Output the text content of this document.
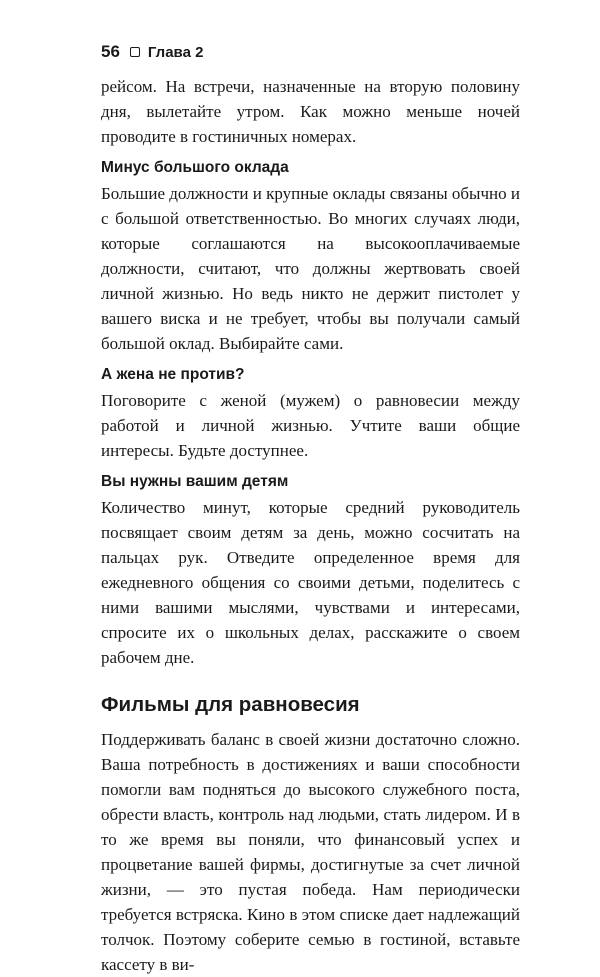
56 Глава 2

рейсом. На встречи, назначенные на вторую половину дня, вылетайте утром. Как можно меньше ночей проводите в гостиничных номерах.

Минус большого оклада

Большие должности и крупные оклады связаны обычно и с большой ответственностью. Во многих случаях люди, которые соглашаются на высокооплачиваемые должности, считают, что должны жертвовать своей личной жизнью. Но ведь никто не держит пистолет у вашего виска и не требует, чтобы вы получали самый большой оклад. Выбирайте сами.

А жена не против?

Поговорите с женой (мужем) о равновесии между работой и личной жизнью. Учтите ваши общие интересы. Будьте доступнее.

Вы нужны вашим детям

Количество минут, которые средний руководитель посвящает своим детям за день, можно сосчитать на пальцах рук. Отведите определенное время для ежедневного общения со своими детьми, поделитесь с ними вашими мыслями, чувствами и интересами, спросите их о школьных делах, расскажите о своем рабочем дне.

Фильмы для равновесия

Поддерживать баланс в своей жизни достаточно сложно. Ваша потребность в достижениях и ваши способности помогли вам подняться до высокого служебного поста, обрести власть, контроль над людьми, стать лидером. И в то же время вы поняли, что финансовый успех и процветание вашей фирмы, достигнутые за счет личной жизни, — это пустая победа. Нам периодически требуется встряска. Кино в этом списке дает надлежащий толчок. Поэтому соберите семью в гостиной, вставьте кассету в ви-
